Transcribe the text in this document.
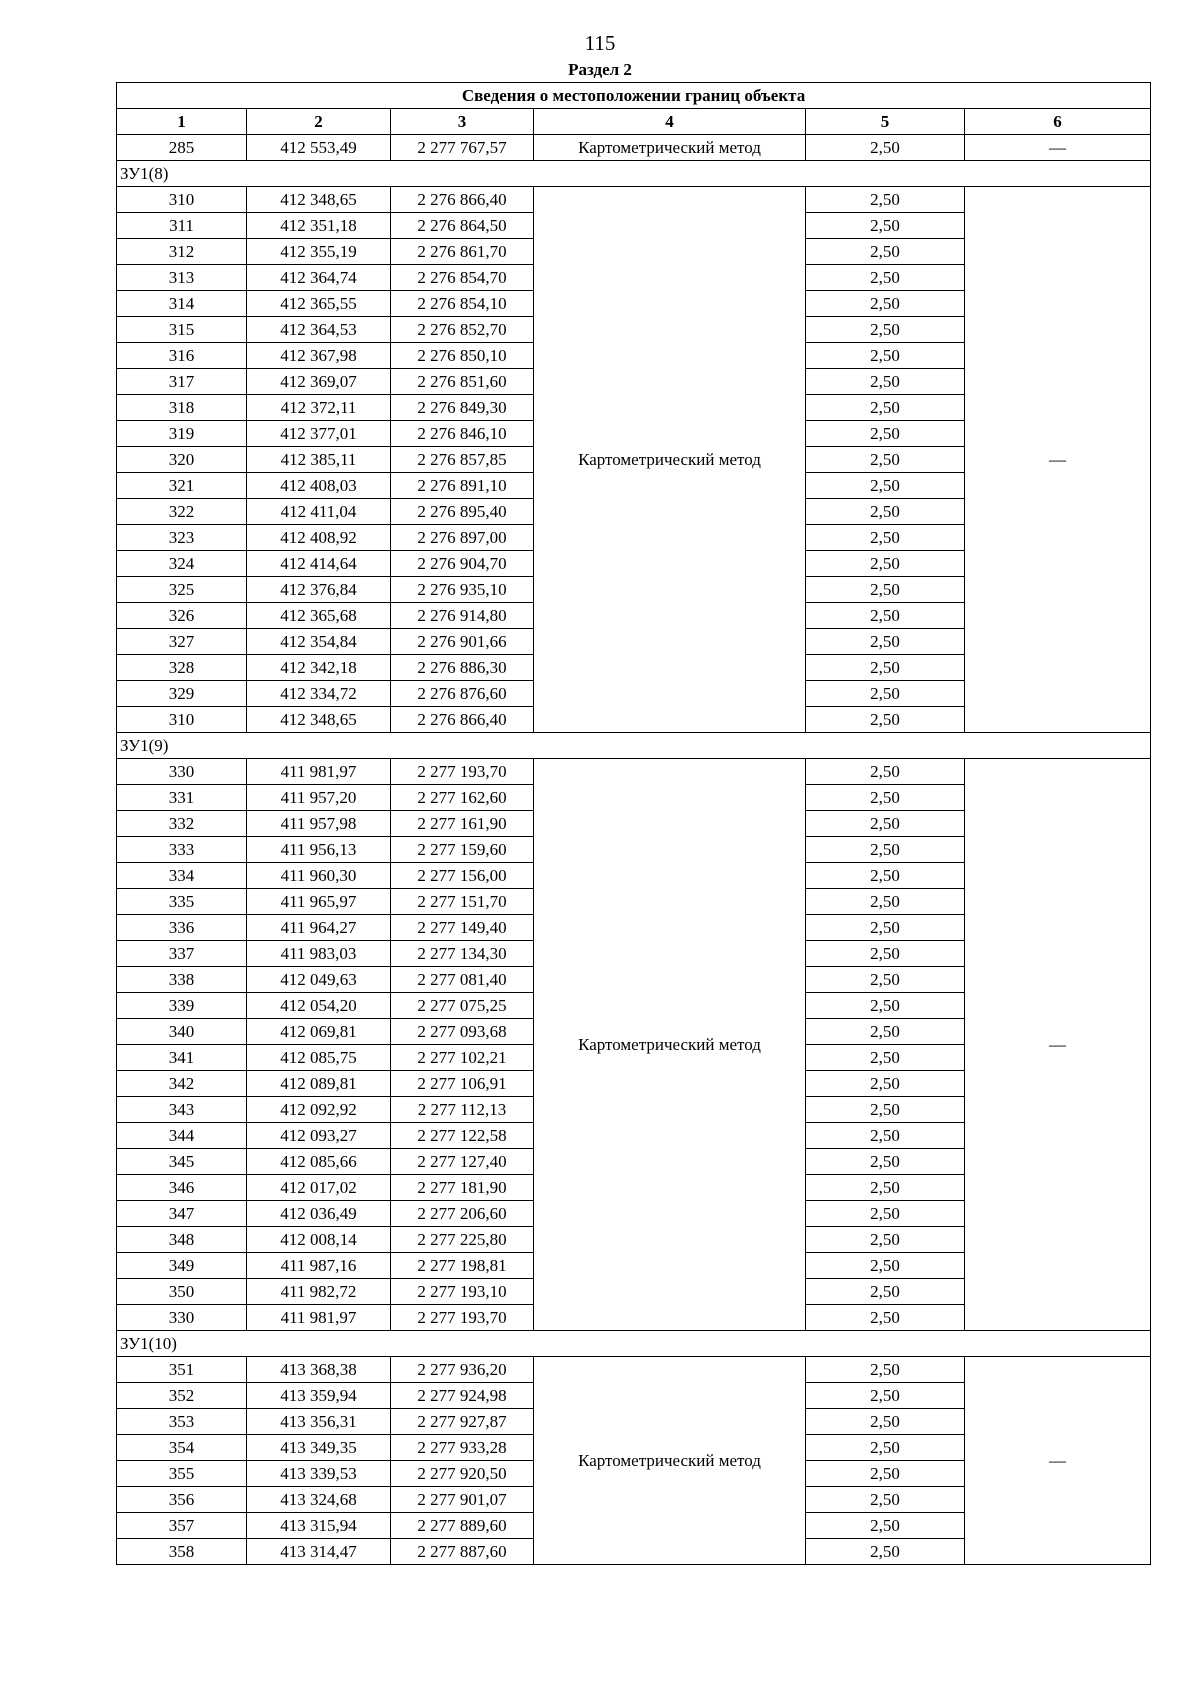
115
Раздел 2
Сведения о местоположении границ объекта					
1	2	3	4	5	6
285	412 553,49	2 277 767,57	Картометрический метод	2,50	—
ЗУ1(8)					
310	412 348,65	2 276 866,40	Картометрический метод	2,50	—
311	412 351,18	2 276 864,50		2,50	
312	412 355,19	2 276 861,70		2,50	
313	412 364,74	2 276 854,70		2,50	
314	412 365,55	2 276 854,10		2,50	
315	412 364,53	2 276 852,70		2,50	
316	412 367,98	2 276 850,10		2,50	
317	412 369,07	2 276 851,60		2,50	
318	412 372,11	2 276 849,30		2,50	
319	412 377,01	2 276 846,10		2,50	
320	412 385,11	2 276 857,85		2,50	
321	412 408,03	2 276 891,10		2,50	
322	412 411,04	2 276 895,40		2,50	
323	412 408,92	2 276 897,00		2,50	
324	412 414,64	2 276 904,70		2,50	
325	412 376,84	2 276 935,10		2,50	
326	412 365,68	2 276 914,80		2,50	
327	412 354,84	2 276 901,66		2,50	
328	412 342,18	2 276 886,30		2,50	
329	412 334,72	2 276 876,60		2,50	
310	412 348,65	2 276 866,40		2,50	
ЗУ1(9)					
330	411 981,97	2 277 193,70	Картометрический метод	2,50	—
331	411 957,20	2 277 162,60		2,50	
332	411 957,98	2 277 161,90		2,50	
333	411 956,13	2 277 159,60		2,50	
334	411 960,30	2 277 156,00		2,50	
335	411 965,97	2 277 151,70		2,50	
336	411 964,27	2 277 149,40		2,50	
337	411 983,03	2 277 134,30		2,50	
338	412 049,63	2 277 081,40		2,50	
339	412 054,20	2 277 075,25		2,50	
340	412 069,81	2 277 093,68		2,50	
341	412 085,75	2 277 102,21		2,50	
342	412 089,81	2 277 106,91		2,50	
343	412 092,92	2 277 112,13		2,50	
344	412 093,27	2 277 122,58		2,50	
345	412 085,66	2 277 127,40		2,50	
346	412 017,02	2 277 181,90		2,50	
347	412 036,49	2 277 206,60		2,50	
348	412 008,14	2 277 225,80		2,50	
349	411 987,16	2 277 198,81		2,50	
350	411 982,72	2 277 193,10		2,50	
330	411 981,97	2 277 193,70		2,50	
ЗУ1(10)					
351	413 368,38	2 277 936,20	Картометрический метод	2,50	—
352	413 359,94	2 277 924,98		2,50	
353	413 356,31	2 277 927,87		2,50	
354	413 349,35	2 277 933,28		2,50	
355	413 339,53	2 277 920,50		2,50	
356	413 324,68	2 277 901,07		2,50	
357	413 315,94	2 277 889,60		2,50	
358	413 314,47	2 277 887,60		2,50	
